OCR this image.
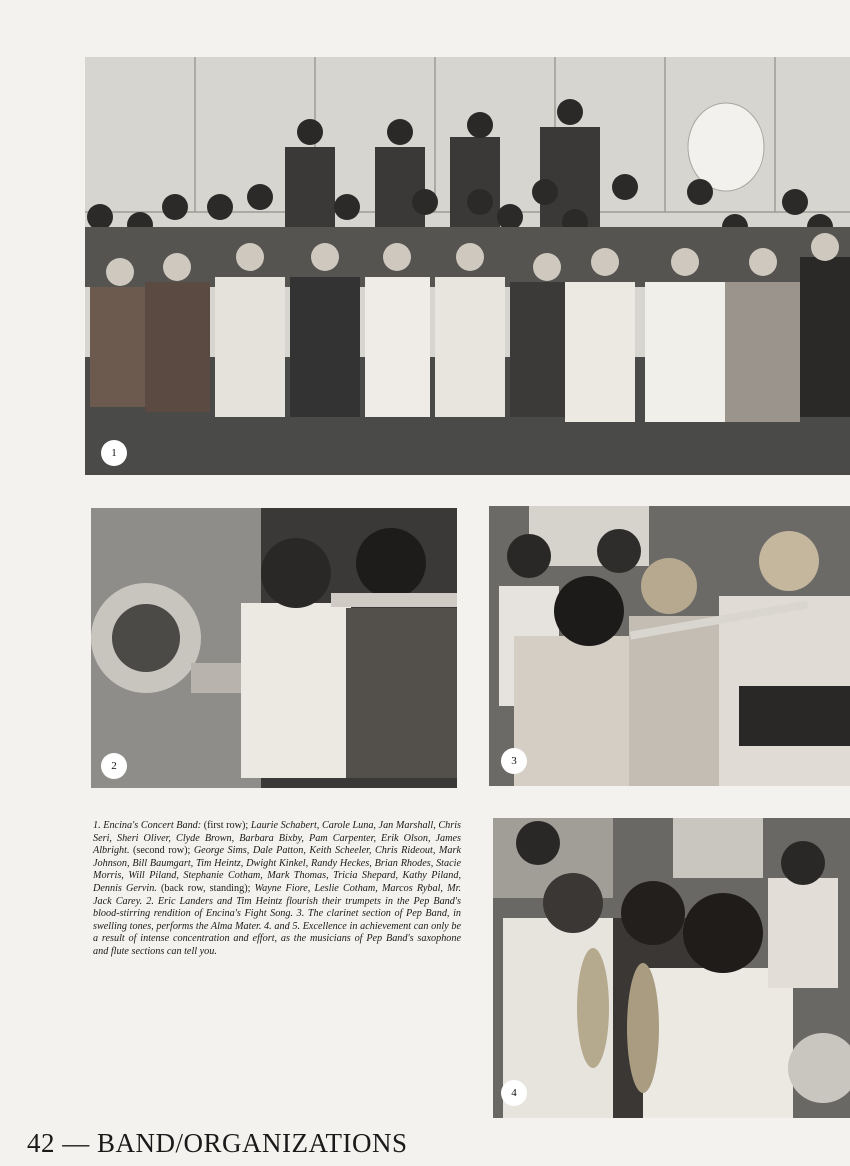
1
2	3
4
1. Encina's Concert Band: (first row); Laurie Schabert, Carole Luna, Jan Marshall, Chris Seri, Sheri Oliver, Clyde Brown, Barbara Bixby, Pam Carpenter, Erik Olson, James Albright. (second row); George Sims, Dale Patton, Keith Scheeler, Chris Rideout, Mark Johnson, Bill Baumgart, Tim Heintz, Dwight Kinkel, Randy Heckes, Brian Rhodes, Stacie Morris, Will Piland, Stephanie Cotham, Mark Thomas, Tricia Shepard, Kathy Piland, Dennis Gervin. (back row, standing); Wayne Fiore, Leslie Cotham, Marcos Rybal, Mr. Jack Carey. 2. Eric Landers and Tim Heintz flourish their trumpets in the Pep Band's blood-stirring rendition of Encina's Fight Song. 3. The clarinet section of Pep Band, in swelling tones, performs the Alma Mater. 4. and 5. Excellence in achievement can only be a result of intense concentration and effort, as the musicians of Pep Band's saxophone and flute sections can tell you.
42 — BAND/ORGANIZATIONS
